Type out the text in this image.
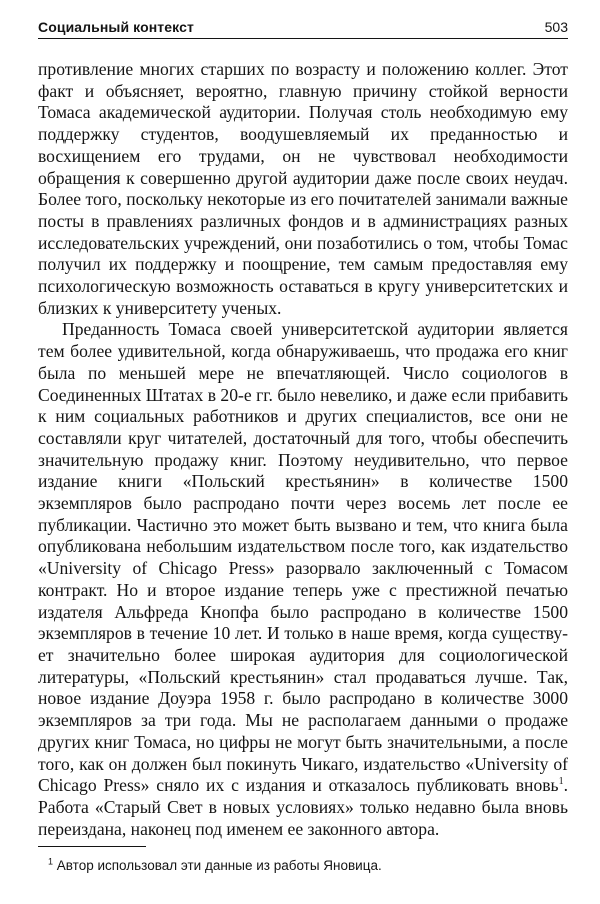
Социальный контекст	503

противление многих старших по возрасту и положению коллег. Этот факт и объясняет, вероятно, главную причину стойкой верности Томаса академической аудитории. Получая столь необходимую ему поддержку студентов, воодушевляемый их преданностью и восхищением его трудами, он не чувствовал необходимости обращения к совершенно другой аудитории даже после своих неудач. Более того, поскольку некоторые из его почитателей занимали важные посты в правлениях различных фондов и в администрациях разных исследовательских учреждений, они позаботились о том, чтобы Томас получил их поддержку и поощрение, тем самым предоставляя ему психологическую возможность оставаться в кругу университетских и близких к университету ученых.

Преданность Томаса своей университетской аудитории является тем более удивительной, когда обнаруживаешь, что продажа его книг была по меньшей мере не впечатляющей. Число социологов в Соединенных Штатах в 20-е гг. было невелико, и даже если прибавить к ним социальных работников и других специалистов, все они не составляли круг читателей, достаточный для того, чтобы обеспечить значительную продажу книг. Поэтому неудивительно, что первое издание книги «Польский крестьянин» в количестве 1500 экземпляров было распродано почти через восемь лет после ее публикации. Частично это может быть вызвано и тем, что книга была опубликована небольшим издательством после того, как издательство «University of Chicago Press» разорвало заключенный с Томасом контракт. Но и второе издание теперь уже с престижной печатью издателя Альфреда Кнопфа было распродано в количестве 1500 экземпляров в течение 10 лет. И только в наше время, когда существует значительно более широкая аудитория для социологической литературы, «Польский крестьянин» стал продаваться лучше. Так, новое издание Доуэра 1958 г. было распродано в количестве 3000 экземпляров за три года. Мы не располагаем данными о продаже других книг Томаса, но цифры не могут быть значительными, а после того, как он должен был покинуть Чикаго, издательство «University of Chicago Press» сняло их с издания и отказалось публиковать вновь$^1$. Работа «Старый Свет в новых условиях» только недавно была вновь переиздана, наконец под именем ее законного автора.

$^1$ Автор использовал эти данные из работы Яновица.
